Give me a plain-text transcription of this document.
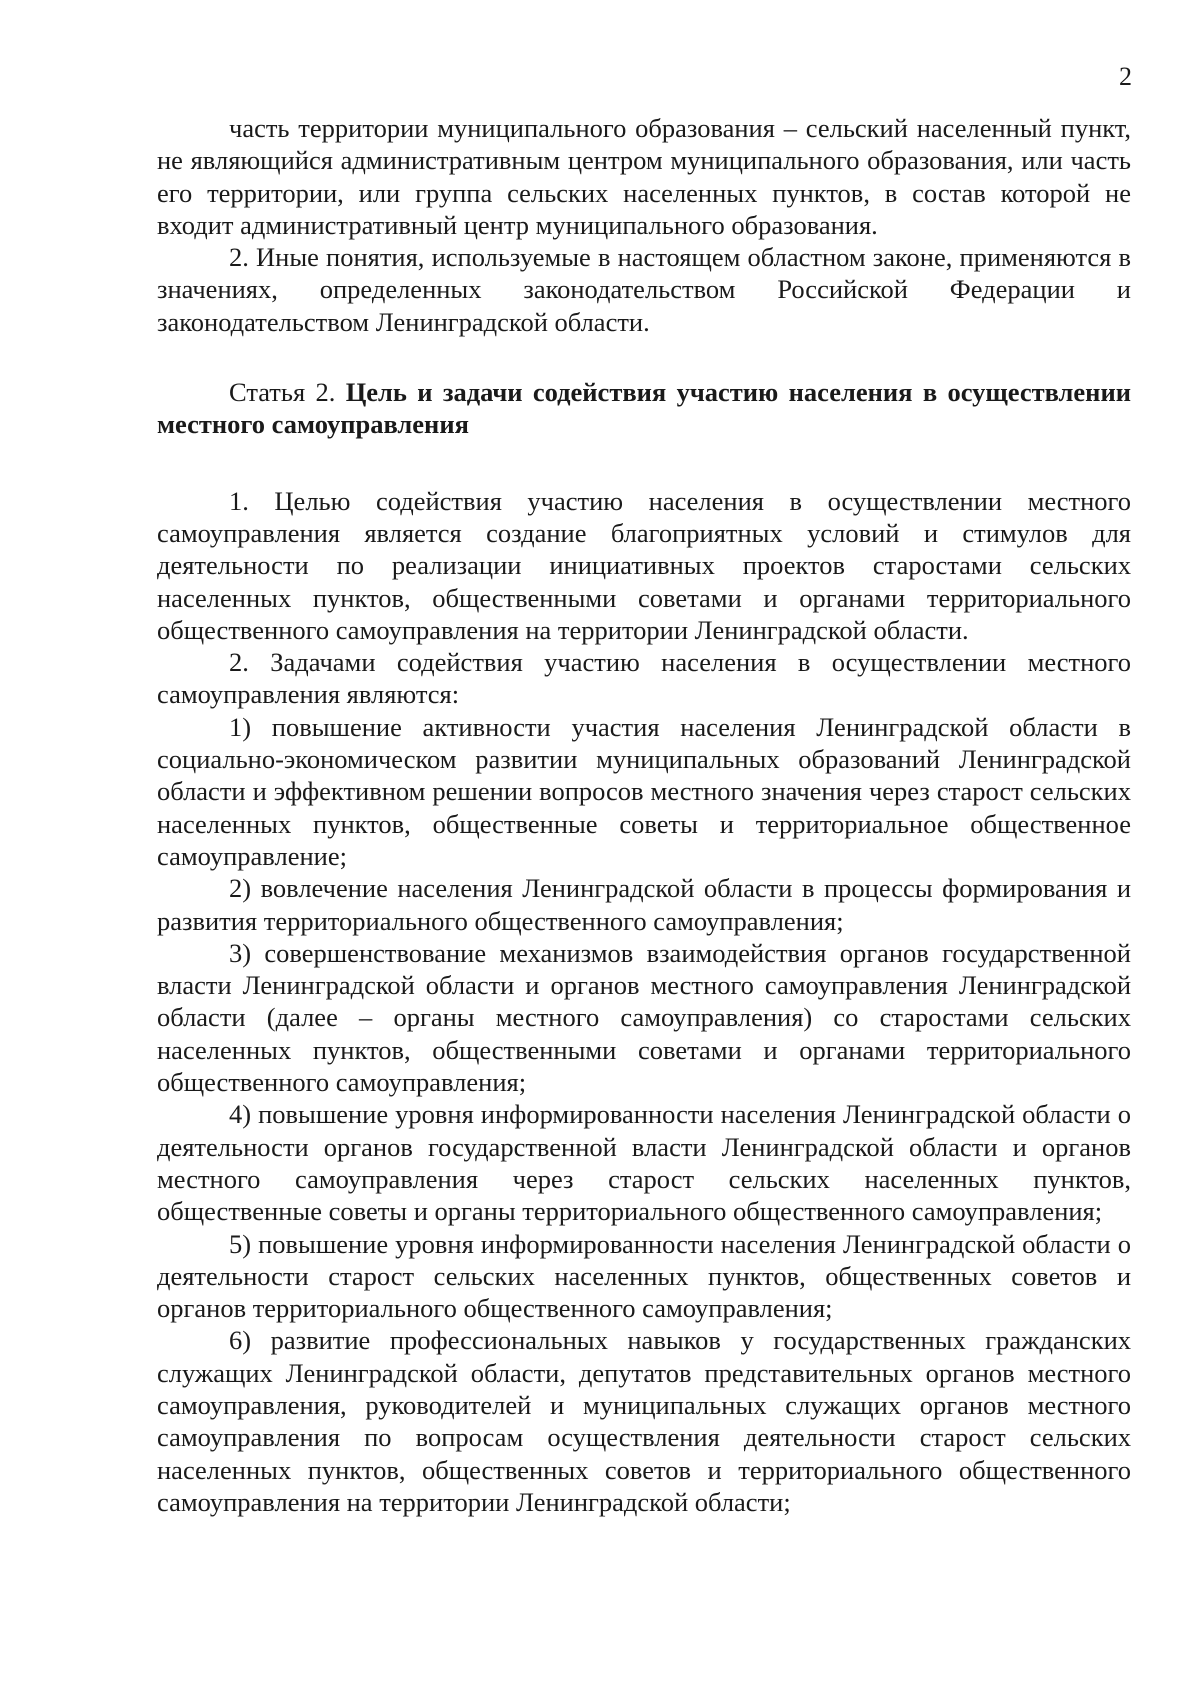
2

часть территории муниципального образования – сельский населенный пункт, не являющийся административным центром муниципального образования, или часть его территории, или группа сельских населенных пунктов, в состав которой не входит административный центр муниципального образования.

2. Иные понятия, используемые в настоящем областном законе, применяются в значениях, определенных законодательством Российской Федерации и законодательством Ленинградской области.

Статья 2. Цель и задачи содействия участию населения в осуществлении местного самоуправления

1. Целью содействия участию населения в осуществлении местного самоуправления является создание благоприятных условий и стимулов для деятельности по реализации инициативных проектов старостами сельских населенных пунктов, общественными советами и органами территориального общественного самоуправления на территории Ленинградской области.

2. Задачами содействия участию населения в осуществлении местного самоуправления являются:

1) повышение активности участия населения Ленинградской области в социально-экономическом развитии муниципальных образований Ленинградской области и эффективном решении вопросов местного значения через старост сельских населенных пунктов, общественные советы и территориальное общественное самоуправление;

2) вовлечение населения Ленинградской области в процессы формирования и развития территориального общественного самоуправления;

3) совершенствование механизмов взаимодействия органов государственной власти Ленинградской области и органов местного самоуправления Ленинградской области (далее – органы местного самоуправления) со старостами сельских населенных пунктов, общественными советами и органами территориального общественного самоуправления;

4) повышение уровня информированности населения Ленинградской области о деятельности органов государственной власти Ленинградской области и органов местного самоуправления через старост сельских населенных пунктов, общественные советы и органы территориального общественного самоуправления;

5) повышение уровня информированности населения Ленинградской области о деятельности старост сельских населенных пунктов, общественных советов и органов территориального общественного самоуправления;

6) развитие профессиональных навыков у государственных гражданских служащих Ленинградской области, депутатов представительных органов местного самоуправления, руководителей и муниципальных служащих органов местного самоуправления по вопросам осуществления деятельности старост сельских населенных пунктов, общественных советов и территориального общественного самоуправления на территории Ленинградской области;
